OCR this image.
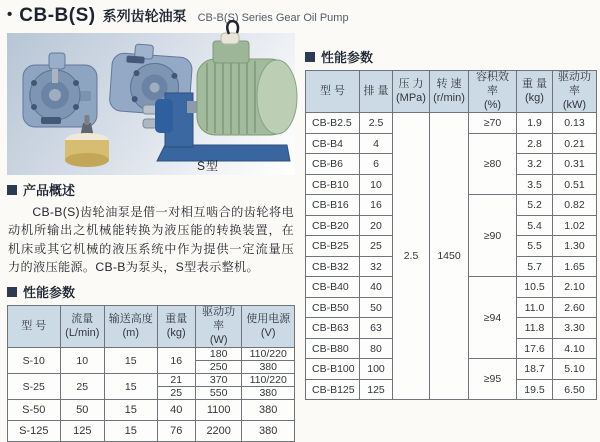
• CB-B(S) 系列齿轮油泵 CB-B(S) Series Gear Oil Pump
S型
产品概述

CB-B(S)齿轮油泵是借一对相互啮合的齿轮将电动机所输出之机械能转换为液压能的转换装置，在机床或其它机械的液压系统中作为提供一定流量压力的液压能源。CB-B为泵头，S型表示整机。

性能参数
型 号

流量
(L/min)

输送高度
(m)

重量
(kg)

驱动功率
(W)

使用电源
(V)

S-10	10	15	16	180	110/220
				250	380
S-25	25	15	21	370	110/220
			25	550	380
S-50	50	15	40	1100	380
S-125	125	15	76	2200	380
性能参数
型 号	排 量

压 力
(MPa)

转 速
(r/min)

容积效率
(%)

重 量
(kg)

驱动功率
(kW)

CB-B2.5	2.5	2.5	1450	≥70	1.9	0.13
CB-B4	4			≥80	2.8	0.21
CB-B6	6				3.2	0.31
CB-B10	10				3.5	0.51
CB-B16	16			≥90	5.2	0.82
CB-B20	20				5.4	1.02
CB-B25	25				5.5	1.30
CB-B32	32				5.7	1.65
CB-B40	40			≥94	10.5	2.10
CB-B50	50				11.0	2.60
CB-B63	63				11.8	3.30
CB-B80	80				17.6	4.10
CB-B100	100			≥95	18.7	5.10
CB-B125	125				19.5	6.50
